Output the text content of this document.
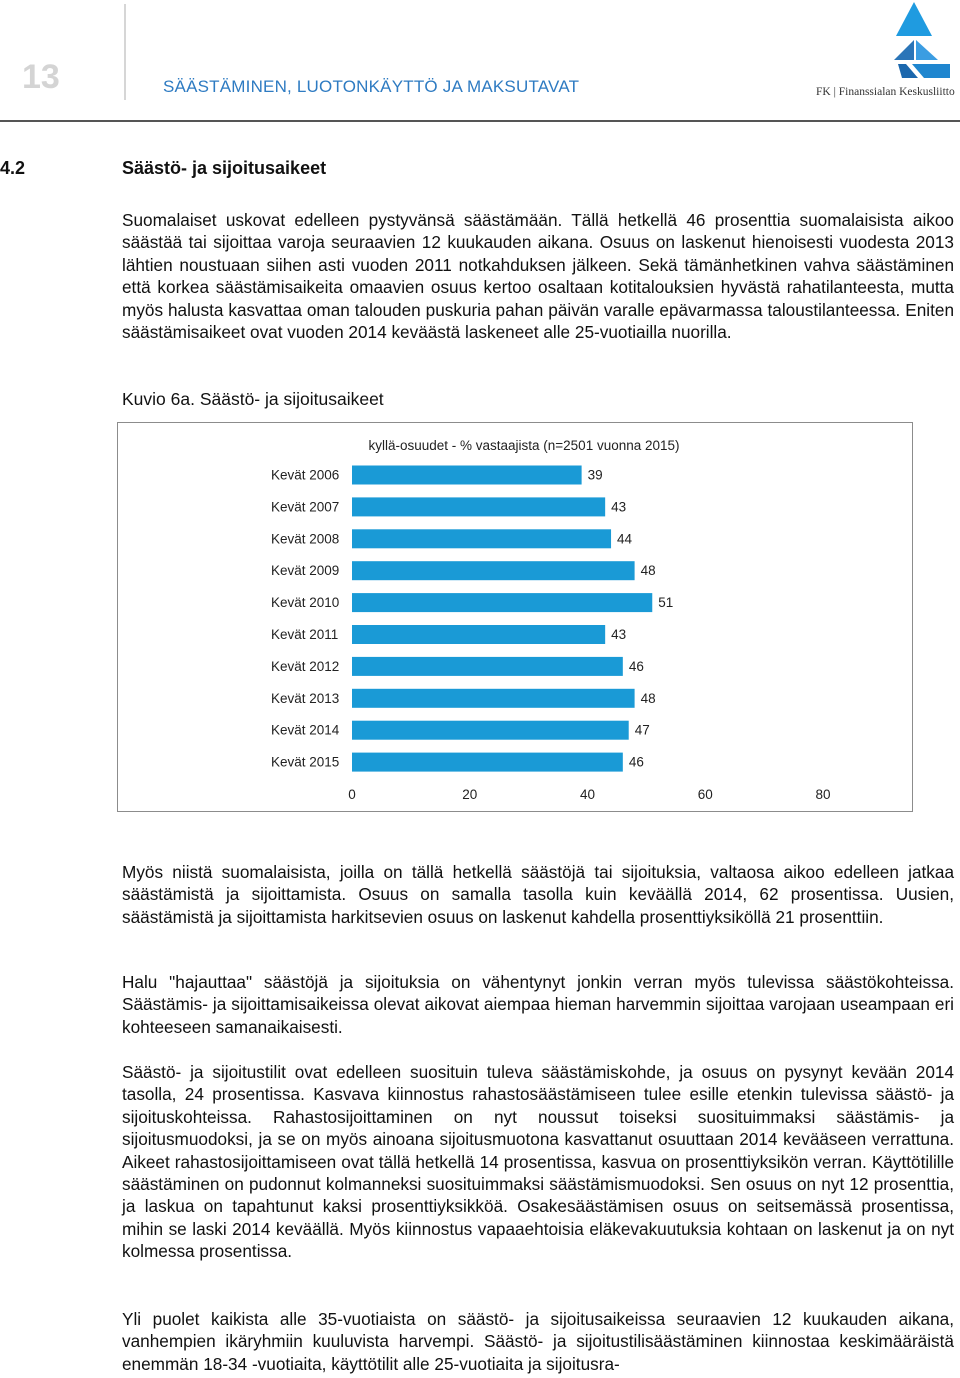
13	SÄÄSTÄMINEN, LUOTONKÄYTTÖ JA MAKSUTAVAT	FK | Finanssialan Keskusliitto
4.2	Säästö- ja sijoitusaikeet

Suomalaiset uskovat edelleen pystyvänsä säästämään. Tällä hetkellä 46 prosenttia suomalaisista aikoo säästää tai sijoittaa varoja seuraavien 12 kuukauden aikana. Osuus on laskenut hienoisesti vuodesta 2013 lähtien noustuaan siihen asti vuoden 2011 notkahduksen jälkeen. Sekä tämänhetkinen vahva säästäminen että korkea säästämisaikeita omaavien osuus kertoo osaltaan kotitalouksien hyvästä rahatilanteesta, mutta myös halusta kasvattaa oman talouden puskuria pahan päivän varalle epävarmassa taloustilanteessa. Eniten säästämisaikeet ovat vuoden 2014 keväästä laskeneet alle 25-vuotiailla nuorilla.

Kuvio 6a. Säästö- ja sijoitusaikeet
kyllä-osuudet - % vastaajista (n=2501 vuonna 2015)
Kevät 2006	39
Kevät 2007	43
Kevät 2008	44
Kevät 2009	48
Kevät 2010	51
Kevät 2011	43
Kevät 2012	46
Kevät 2013	48
Kevät 2014	47
Kevät 2015	46
0	20	40	60	80

Myös niistä suomalaisista, joilla on tällä hetkellä säästöjä tai sijoituksia, valtaosa aikoo edelleen jatkaa säästämistä ja sijoittamista. Osuus on samalla tasolla kuin keväällä 2014, 62 prosentissa. Uusien, säästämistä ja sijoittamista harkitsevien osuus on laskenut kahdella prosenttiyksiköllä 21 prosenttiin.

Halu "hajauttaa" säästöjä ja sijoituksia on vähentynyt jonkin verran myös tulevissa säästökohteissa. Säästämis- ja sijoittamisaikeissa olevat aikovat aiempaa hieman harvemmin sijoittaa varojaan useampaan eri kohteeseen samanaikaisesti.

Säästö- ja sijoitustilit ovat edelleen suosituin tuleva säästämiskohde, ja osuus on pysynyt kevään 2014 tasolla, 24 prosentissa. Kasvava kiinnostus rahastosäästämiseen tulee esille etenkin tulevissa säästö- ja sijoituskohteissa. Rahastosijoittaminen on nyt noussut toiseksi suosituimmaksi säästämis- ja sijoitusmuodoksi, ja se on myös ainoana sijoitusmuotona kasvattanut osuuttaan 2014 kevääseen verrattuna. Aikeet rahastosijoittamiseen ovat tällä hetkellä 14 prosentissa, kasvua on prosenttiyksikön verran. Käyttötilille säästäminen on pudonnut kolmanneksi suosituimmaksi säästämismuodoksi. Sen osuus on nyt 12 prosenttia, ja laskua on tapahtunut kaksi prosenttiyksikköä. Osakesäästämisen osuus on seitsemässä prosentissa, mihin se laski 2014 keväällä. Myös kiinnostus vapaaehtoisia eläkevakuutuksia kohtaan on laskenut ja on nyt kolmessa prosentissa.

Yli puolet kaikista alle 35-vuotiaista on säästö- ja sijoitusaikeissa seuraavien 12 kuukauden aikana, vanhempien ikäryhmiin kuuluvista harvempi. Säästö- ja sijoitustilisäästäminen kiinnostaa keskimääräistä enemmän 18-34 -vuotiaita, käyttötilit alle 25-vuotiaita ja sijoitusra-
